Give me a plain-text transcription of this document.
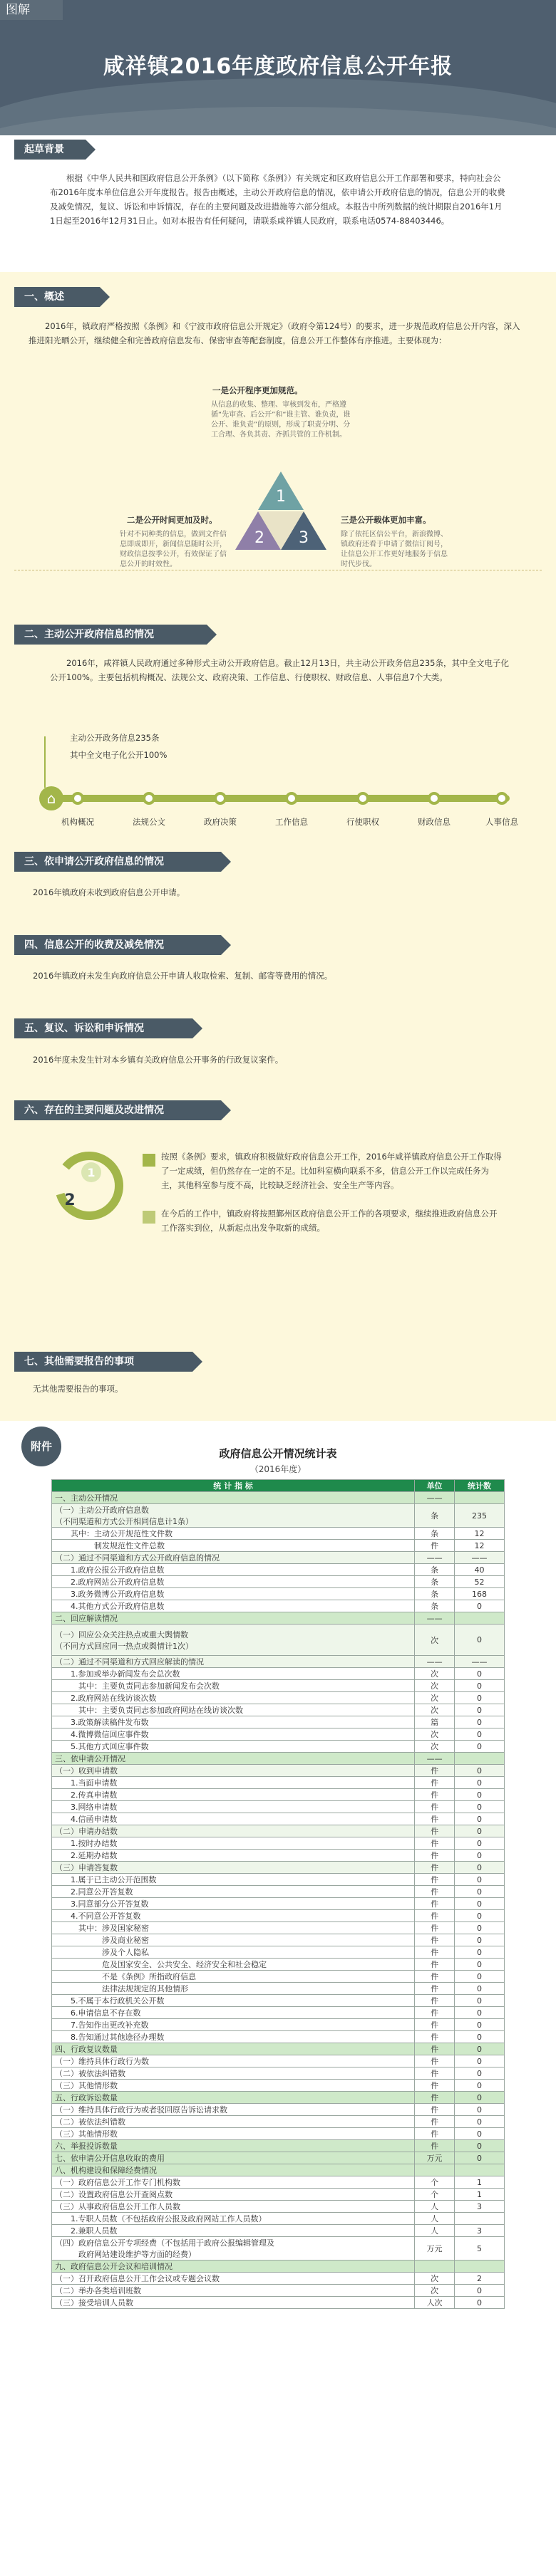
图解
咸祥镇2016年度政府信息公开年报
起草背景
根据《中华人民共和国政府信息公开条例》（以下简称《条例》）有关规定和区政府信息公开工作部署和要求，特向社会公布2016年度本单位信息公开年度报告。报告由概述，主动公开政府信息的情况，依申请公开政府信息的情况，信息公开的收费及减免情况，复议、诉讼和申诉情况，存在的主要问题及改进措施等六部分组成。本报告中所列数据的统计期限自2016年1月1日起至2016年12月31日止。如对本报告有任何疑问，请联系咸祥镇人民政府，联系电话0574-88403446。
一、概述
2016年，镇政府严格按照《条例》和《宁波市政府信息公开规定》（政府令第124号）的要求，进一步规范政府信息公开内容，深入推进阳光晒公开，继续健全和完善政府信息发布、保密审查等配套制度，信息公开工作整体有序推进。主要体现为：
一是公开程序更加规范。
从信息的收集、整理、审核到发布，严格遵循“先审查、后公开”和“谁主管、谁负责，谁公开、谁负责”的原则，形成了职责分明、分工合理、各负其责、齐抓共管的工作机制。
1
2 3
二是公开时间更加及时。
针对不同种类的信息，做到文件信息即成即开，新闻信息随时公开，财政信息按季公开，有效保证了信息公开的时效性。
三是公开载体更加丰富。
除了依托区信公平台，新浪微博、镇政府还看于申请了微信订阅号，让信息公开工作更好地服务于信息时代步伐。
二、主动公开政府信息的情况
2016年，咸祥镇人民政府通过多种形式主动公开政府信息。截止12月13日，共主动公开政务信息235条，其中全文电子化公开100%。主要包括机构概况、法规公文、政府决策、工作信息、行使职权、财政信息、人事信息7个大类。
主动公开政务信息235条
其中全文电子化公开100%
⌂
机构概况	法规公文	政府决策	工作信息	行使职权	财政信息	人事信息
三、依申请公开政府信息的情况
2016年镇政府未收到政府信息公开申请。
四、信息公开的收费及减免情况
2016年镇政府未发生向政府信息公开申请人收取检索、复制、邮寄等费用的情况。
五、复议、诉讼和申诉情况
2016年度未发生针对本乡镇有关政府信息公开事务的行政复议案件。
六、存在的主要问题及改进情况
1
2
按照《条例》要求，镇政府积极做好政府信息公开工作，2016年咸祥镇政府信息公开工作取得了一定成绩，但仍然存在一定的不足。比如科室横向联系不多，信息公开工作以完成任务为主，其他科室参与度不高，比较缺乏经济社会、安全生产等内容。
在今后的工作中，镇政府将按照鄞州区政府信息公开工作的各项要求，继续推进政府信息公开工作落实到位，从新起点出发争取新的成绩。
七、其他需要报告的事项
无其他需要报告的事项。
附件
政府信息公开情况统计表
（2016年度）
统 计 指 标	单位	统计数
一、主动公开情况	——	
（一）主动公开政府信息数
（不同渠道和方式公开相同信息计1条）	条	235
　　其中：主动公开规范性文件数	条	12
　　　　　制发规范性文件总数	件	12
（二）通过不同渠道和方式公开政府信息的情况	——	——
　　1.政府公报公开政府信息数	条	40
　　2.政府网站公开政府信息数	条	52
　　3.政务微博公开政府信息数	条	168
　　4.其他方式公开政府信息数	条	0
二、回应解读情况	——	
（一）回应公众关注热点或重大舆情数
（不同方式回应同一热点或舆情计1次）	次	0
（二）通过不同渠道和方式回应解读的情况	——	——
　　1.参加或举办新闻发布会总次数	次	0
　　　其中：主要负责同志参加新闻发布会次数	次	0
　　2.政府网站在线访谈次数	次	0
　　　其中：主要负责同志参加政府网站在线访谈次数	次	0
　　3.政策解读稿件发布数	篇	0
　　4.微博微信回应事件数	次	0
　　5.其他方式回应事件数	次	0
三、依申请公开情况	——	
（一）收到申请数	件	0
　　1.当面申请数	件	0
　　2.传真申请数	件	0
　　3.网络申请数	件	0
　　4.信函申请数	件	0
（二）申请办结数	件	0
　　1.按时办结数	件	0
　　2.延期办结数	件	0
（三）申请答复数	件	0
　　1.属于已主动公开范围数	件	0
　　2.同意公开答复数	件	0
　　3.同意部分公开答复数	件	0
　　4.不同意公开答复数	件	0
　　　其中：涉及国家秘密	件	0
　　　　　　涉及商业秘密	件	0
　　　　　　涉及个人隐私	件	0
　　　　　　危及国家安全、公共安全、经济安全和社会稳定	件	0
　　　　　　不是《条例》所指政府信息	件	0
　　　　　　法律法规规定的其他情形	件	0
　　5.不属于本行政机关公开数	件	0
　　6.申请信息不存在数	件	0
　　7.告知作出更改补充数	件	0
　　8.告知通过其他途径办理数	件	0
四、行政复议数量	件	0
（一）维持具体行政行为数	件	0
（二）被依法纠错数	件	0
（三）其他情形数	件	0
五、行政诉讼数量	件	0
（一）维持具体行政行为或者驳回原告诉讼请求数	件	0
（二）被依法纠错数	件	0
（三）其他情形数	件	0
六、举报投诉数量	件	0
七、依申请公开信息收取的费用	万元	0
八、机构建设和保障经费情况		
（一）政府信息公开工作专门机构数	个	1
（二）设置政府信息公开查阅点数	个	1
（三）从事政府信息公开工作人员数	人	3
　　1.专职人员数（不包括政府公报及政府网站工作人员数）	人	
　　2.兼职人员数	人	3
（四）政府信息公开专项经费（不包括用于政府公报编辑管理及
　　　政府网站建设维护等方面的经费）	万元	5
九、政府信息公开会议和培训情况		
（一）召开政府信息公开工作会议或专题会议数	次	2
（二）举办各类培训班数	次	0
（三）接受培训人员数	人次	0
